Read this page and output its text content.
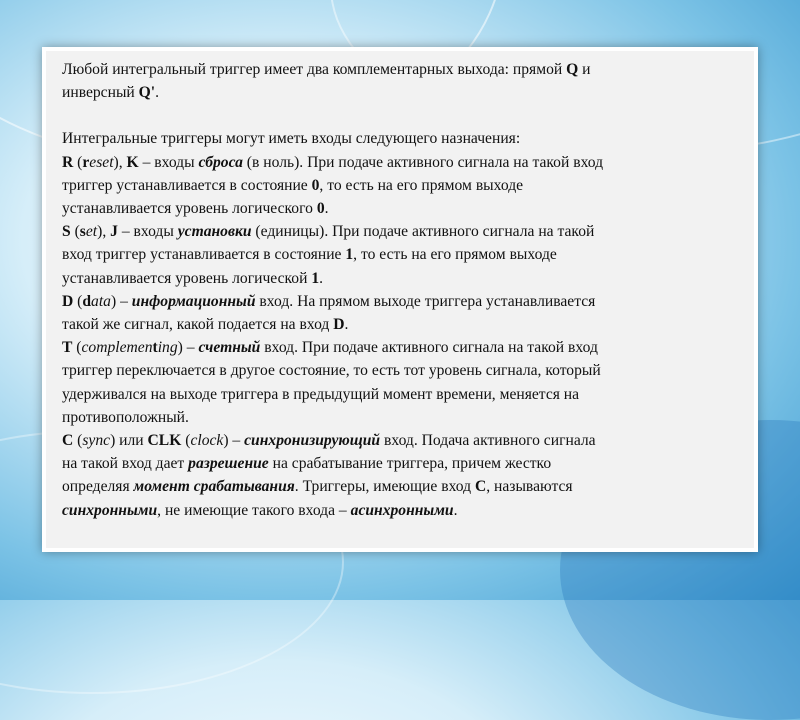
Любой интегральный триггер имеет два комплементарных выхода: прямой Q и
инверсный Q'.

Интегральные триггеры могут иметь входы следующего назначения:
R (reset), K – входы сброса (в ноль). При подаче активного сигнала на такой вход
триггер устанавливается в состояние 0, то есть на его прямом выходе
устанавливается уровень логического 0.
S (set), J – входы установки (единицы). При подаче активного сигнала на такой
вход триггер устанавливается в состояние 1, то есть на его прямом выходе
устанавливается уровень логической 1.
D (data) – информационный вход. На прямом выходе триггера устанавливается
такой же сигнал, какой подается на вход D.
T (complementing) – счетный вход. При подаче активного сигнала на такой вход
триггер переключается в другое состояние, то есть тот уровень сигнала, который
удерживался на выходе триггера в предыдущий момент времени, меняется на
противоположный.
C (sync) или CLK (clock) – синхронизирующий вход. Подача активного сигнала
на такой вход дает разрешение на срабатывание триггера, причем жестко
определяя момент срабатывания. Триггеры, имеющие вход С, называются
синхронными, не имеющие такого входа – асинхронными.
